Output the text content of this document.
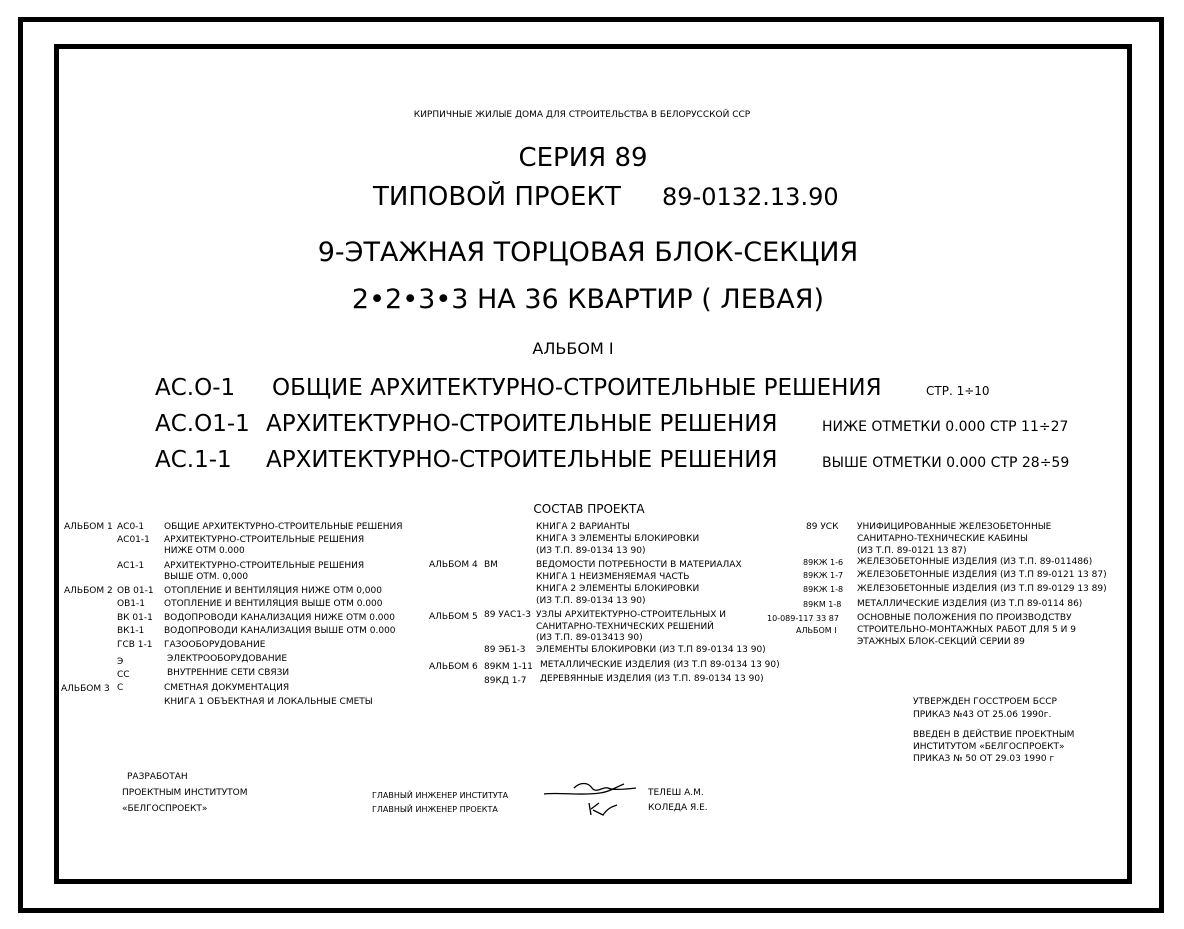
КИРПИЧНЫЕ ЖИЛЫЕ ДОМА ДЛЯ СТРОИТЕЛЬСТВА В БЕЛОРУССКОЙ ССР
СЕРИЯ 89
ТИПОВОЙ ПРОЕКТ 89-0132.13.90
9-ЭТАЖНАЯ ТОРЦОВАЯ БЛОК-СЕКЦИЯ
2•2•3•3 НА 36 КВАРТИР ( ЛЕВАЯ)
АЛЬБОМ I
АС.О-1 ОБЩИЕ АРХИТЕКТУРНО-СТРОИТЕЛЬНЫЕ РЕШЕНИЯ	СТР. 1÷10
АС.О1-1 АРХИТЕКТУРНО-СТРОИТЕЛЬНЫЕ РЕШЕНИЯ	НИЖЕ ОТМЕТКИ 0.000 СТР 11÷27
АС.1-1 АРХИТЕКТУРНО-СТРОИТЕЛЬНЫЕ РЕШЕНИЯ	ВЫШЕ ОТМЕТКИ 0.000 СТР 28÷59
СОСТАВ ПРОЕКТА
АЛЬБОМ 1 АС0-1 ОБЩИЕ АРХИТЕКТУРНО-СТРОИТЕЛЬНЫЕ РЕШЕНИЯ
АС01-1 АРХИТЕКТУРНО-СТРОИТЕЛЬНЫЕ РЕШЕНИЯ
НИЖЕ ОТМ 0.000
АС1-1 АРХИТЕКТУРНО-СТРОИТЕЛЬНЫЕ РЕШЕНИЯ
ВЫШЕ ОТМ. 0,000
АЛЬБОМ 2 ОВ 01-1 ОТОПЛЕНИЕ И ВЕНТИЛЯЦИЯ НИЖЕ ОТМ 0,000
ОВ1-1 ОТОПЛЕНИЕ И ВЕНТИЛЯЦИЯ ВЫШЕ ОТМ 0.000
ВК 01-1 ВОДОПРОВОДИ КАНАЛИЗАЦИЯ НИЖЕ ОТМ 0.000
ВК1-1 ВОДОПРОВОДИ КАНАЛИЗАЦИЯ ВЫШЕ ОТМ 0.000
ГСВ 1-1 ГАЗООБОРУДОВАНИЕ
Э	ЭЛЕКТРООБОРУДОВАНИЕ
СС	ВНУТРЕННИЕ СЕТИ СВЯЗИ
АЛЬБОМ 3 С	СМЕТНАЯ ДОКУМЕНТАЦИЯ
КНИГА 1 ОБЪЕКТНАЯ И ЛОКАЛЬНЫЕ СМЕТЫ
КНИГА 2 ВАРИАНТЫ
КНИГА 3 ЭЛЕМЕНТЫ БЛОКИРОВКИ
(ИЗ Т.П. 89-0134 13 90)
АЛЬБОМ 4 ВМ	ВЕДОМОСТИ ПОТРЕБНОСТИ В МАТЕРИАЛАХ
КНИГА 1 НЕИЗМЕНЯЕМАЯ ЧАСТЬ
КНИГА 2 ЭЛЕМЕНТЫ БЛОКИРОВКИ
(ИЗ Т.П. 89-0134 13 90)
АЛЬБОМ 5 89 УАС1-3 УЗЛЫ АРХИТЕКТУРНО-СТРОИТЕЛЬНЫХ И
САНИТАРНО-ТЕХНИЧЕСКИХ РЕШЕНИЙ
(ИЗ Т.П. 89-013413 90)
89 ЭБ1-3 ЭЛЕМЕНТЫ БЛОКИРОВКИ (ИЗ Т.П 89-0134 13 90)
АЛЬБОМ 6 89КМ 1-11 МЕТАЛЛИЧЕСКИЕ ИЗДЕЛИЯ (ИЗ Т.П 89-0134 13 90)
89КД 1-7 ДЕРЕВЯННЫЕ ИЗДЕЛИЯ (ИЗ Т.П. 89-0134 13 90)
89 УСК УНИФИЦИРОВАННЫЕ ЖЕЛЕЗОБЕТОННЫЕ
САНИТАРНО-ТЕХНИЧЕСКИЕ КАБИНЫ
(ИЗ Т.П. 89-0121 13 87)
89КЖ 1-6 ЖЕЛЕЗОБЕТОННЫЕ ИЗДЕЛИЯ (ИЗ Т.П. 89-011486)
89КЖ 1-7 ЖЕЛЕЗОБЕТОННЫЕ ИЗДЕЛИЯ (ИЗ Т.П 89-0121 13 87)
89КЖ 1-8 ЖЕЛЕЗОБЕТОННЫЕ ИЗДЕЛИЯ (ИЗ Т.П 89-0129 13 89)
89КМ 1-8 МЕТАЛЛИЧЕСКИЕ ИЗДЕЛИЯ (ИЗ Т.П 89-0114 86)
10-089-117 33 87 ОСНОВНЫЕ ПОЛОЖЕНИЯ ПО ПРОИЗВОДСТВУ
АЛЬБОМ I СТРОИТЕЛЬНО-МОНТАЖНЫХ РАБОТ ДЛЯ 5 И 9
ЭТАЖНЫХ БЛОК-СЕКЦИЙ СЕРИИ 89
УТВЕРЖДЕН ГОССТРОЕМ БССР
ПРИКАЗ №43 ОТ 25.06 1990г.
ВВЕДЕН В ДЕЙСТВИЕ ПРОЕКТНЫМ
ИНСТИТУТОМ «БЕЛГОСПРОЕКТ»
ПРИКАЗ № 50 ОТ 29.03 1990 г
РАЗРАБОТАН
ПРОЕКТНЫМ ИНСТИТУТОМ
«БЕЛГОСПРОЕКТ»
ГЛАВНЫЙ ИНЖЕНЕР ИНСТИТУТА	ТЕЛЕШ А.М.
ГЛАВНЫЙ ИНЖЕНЕР ПРОЕКТА	КОЛЕДА Я.Е.
